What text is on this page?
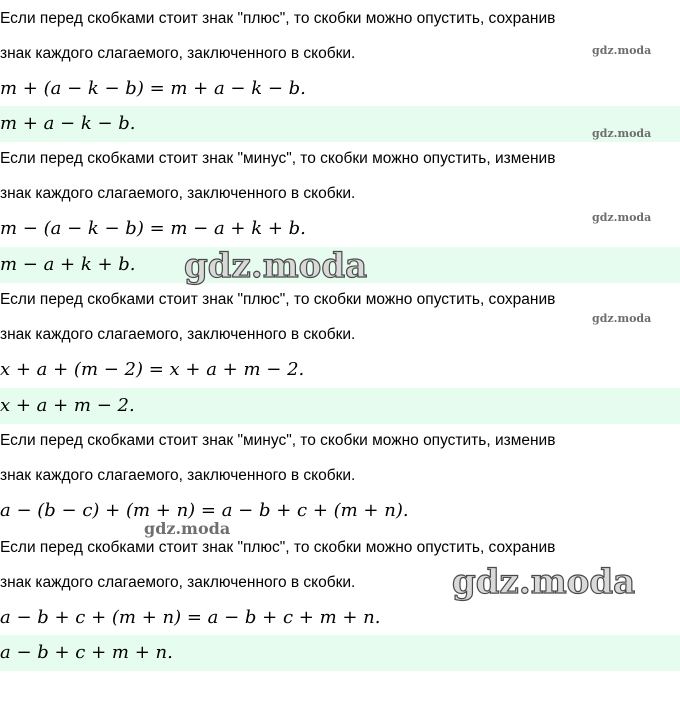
Если перед скобками стоит знак "плюс", то скобки можно опустить, сохранив
знак каждого слагаемого, заключенного в скобки.
m + (a − k − b) = m + a − k − b.
m + a − k − b.
Если перед скобками стоит знак "минус", то скобки можно опустить, изменив
знак каждого слагаемого, заключенного в скобки.
m − (a − k − b) = m − a + k + b.
m − a + k + b.
Если перед скобками стоит знак "плюс", то скобки можно опустить, сохранив
знак каждого слагаемого, заключенного в скобки.
x + a + (m − 2) = x + a + m − 2.
x + a + m − 2.
Если перед скобками стоит знак "минус", то скобки можно опустить, изменив
знак каждого слагаемого, заключенного в скобки.
a − (b − c) + (m + n) = a − b + c + (m + n).
Если перед скобками стоит знак "плюс", то скобки можно опустить, сохранив
знак каждого слагаемого, заключенного в скобки.
a − b + c + (m + n) = a − b + c + m + n.
a − b + c + m + n.
gdz.moda
gdz.moda
gdz.moda
gdz.moda
gdz.moda
gdz.moda
gdz.moda
